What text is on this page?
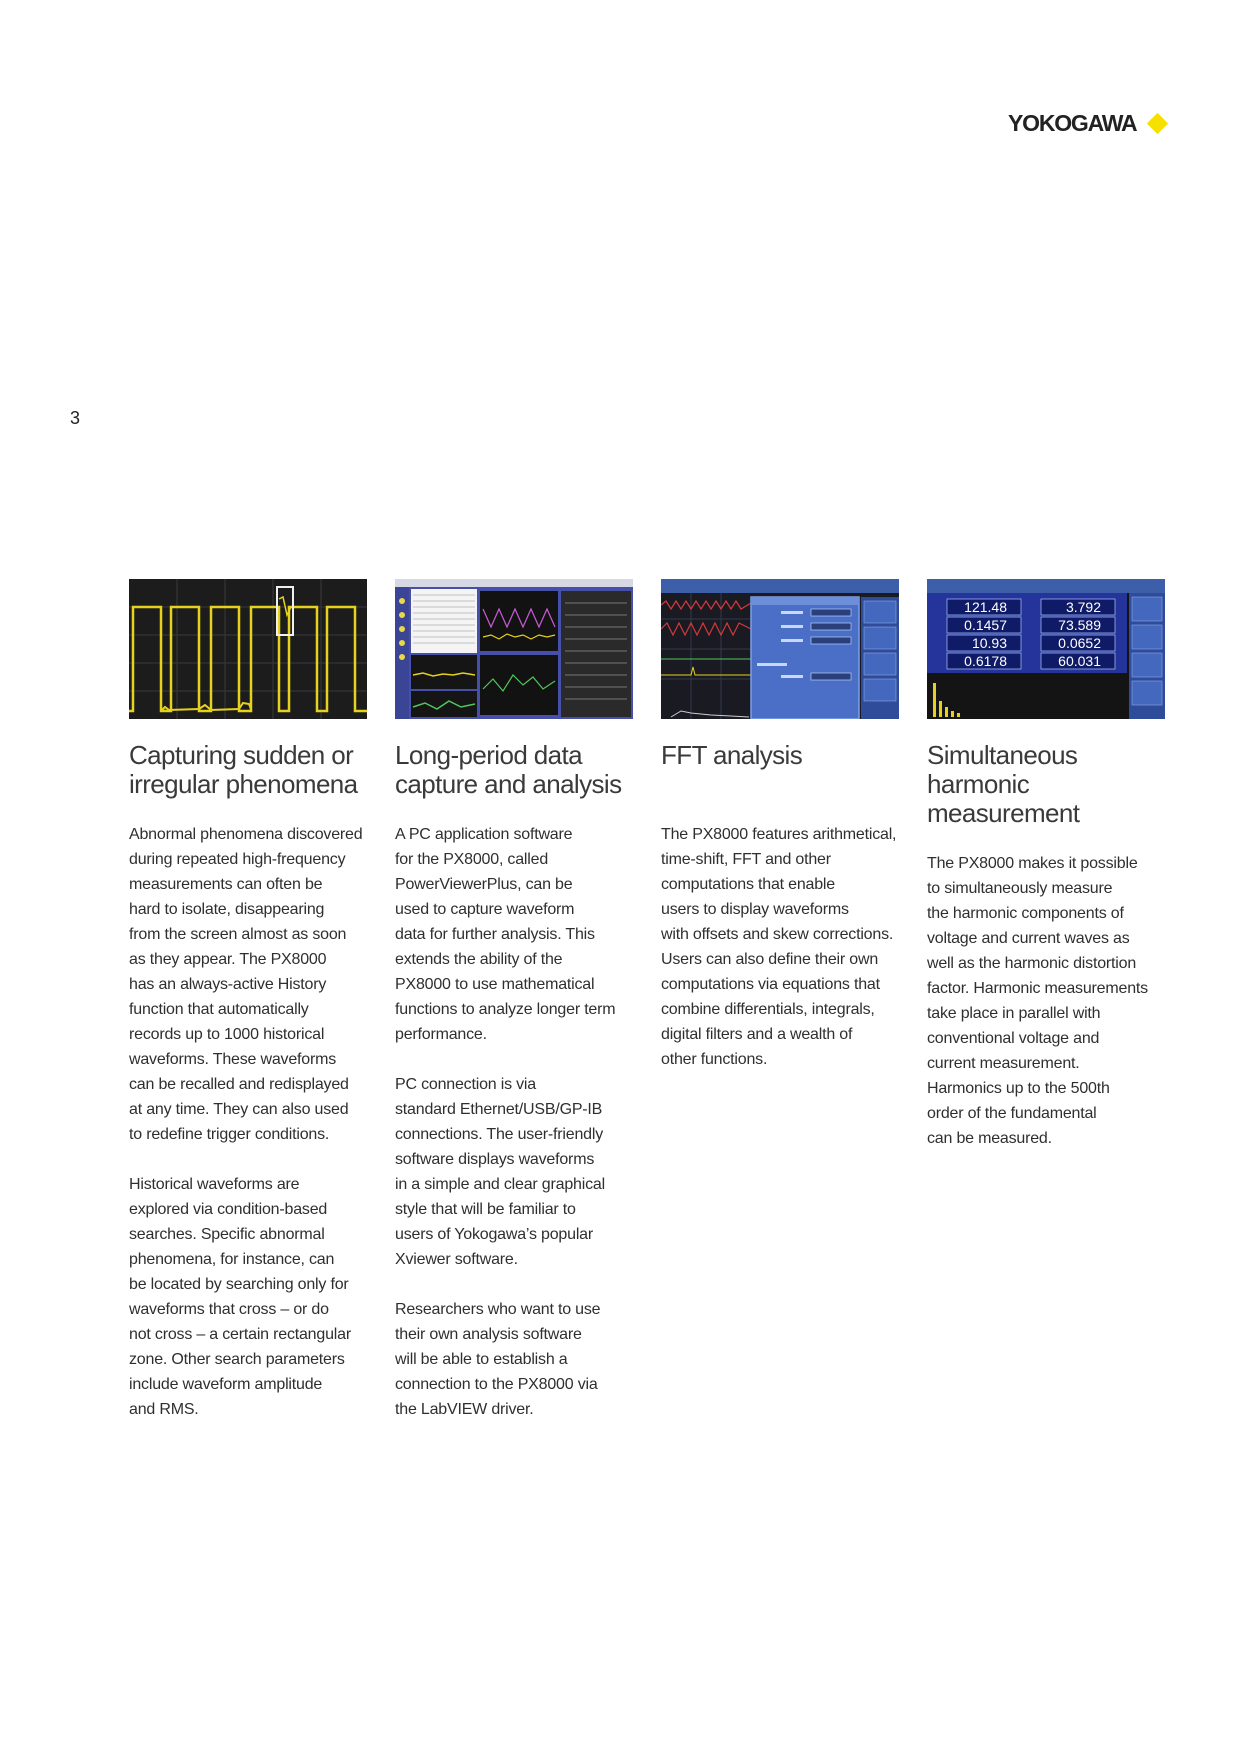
YOKOGAWA
3
Capturing sudden or
irregular phenomena

Abnormal phenomena discovered
during repeated high-frequency
measurements can often be
hard to isolate, disappearing
from the screen almost as soon
as they appear. The PX8000
has an always-active History
function that automatically
records up to 1000 historical
waveforms. These waveforms
can be recalled and redisplayed
at any time. They can also used
to redefine trigger conditions.

Historical waveforms are
explored via condition-based
searches. Specific abnormal
phenomena, for instance, can
be located by searching only for
waveforms that cross – or do
not cross – a certain rectangular
zone. Other search parameters
include waveform amplitude
and RMS.

Long-period data
capture and analysis

A PC application software
for the PX8000, called
PowerViewerPlus, can be
used to capture waveform
data for further analysis. This
extends the ability of the
PX8000 to use mathematical
functions to analyze longer term
performance.

PC connection is via
standard Ethernet/USB/GP-IB
connections. The user-friendly
software displays waveforms
in a simple and clear graphical
style that will be familiar to
users of Yokogawa’s popular
Xviewer software.

Researchers who want to use
their own analysis software
will be able to establish a
connection to the PX8000 via
the LabVIEW driver.

FFT analysis

The PX8000 features arithmetical,
time-shift, FFT and other
computations that enable
users to display waveforms
with offsets and skew corrections.
Users can also define their own
computations via equations that
combine differentials, integrals,
digital filters and a wealth of
other functions.

121.48	3.792
0.1457	73.589
10.93	0.0652
0.6178	60.031
Simultaneous
harmonic
measurement

The PX8000 makes it possible
to simultaneously measure
the harmonic components of
voltage and current waves as
well as the harmonic distortion
factor. Harmonic measurements
take place in parallel with
conventional voltage and
current measurement.
Harmonics up to the 500th
order of the fundamental
can be measured.
